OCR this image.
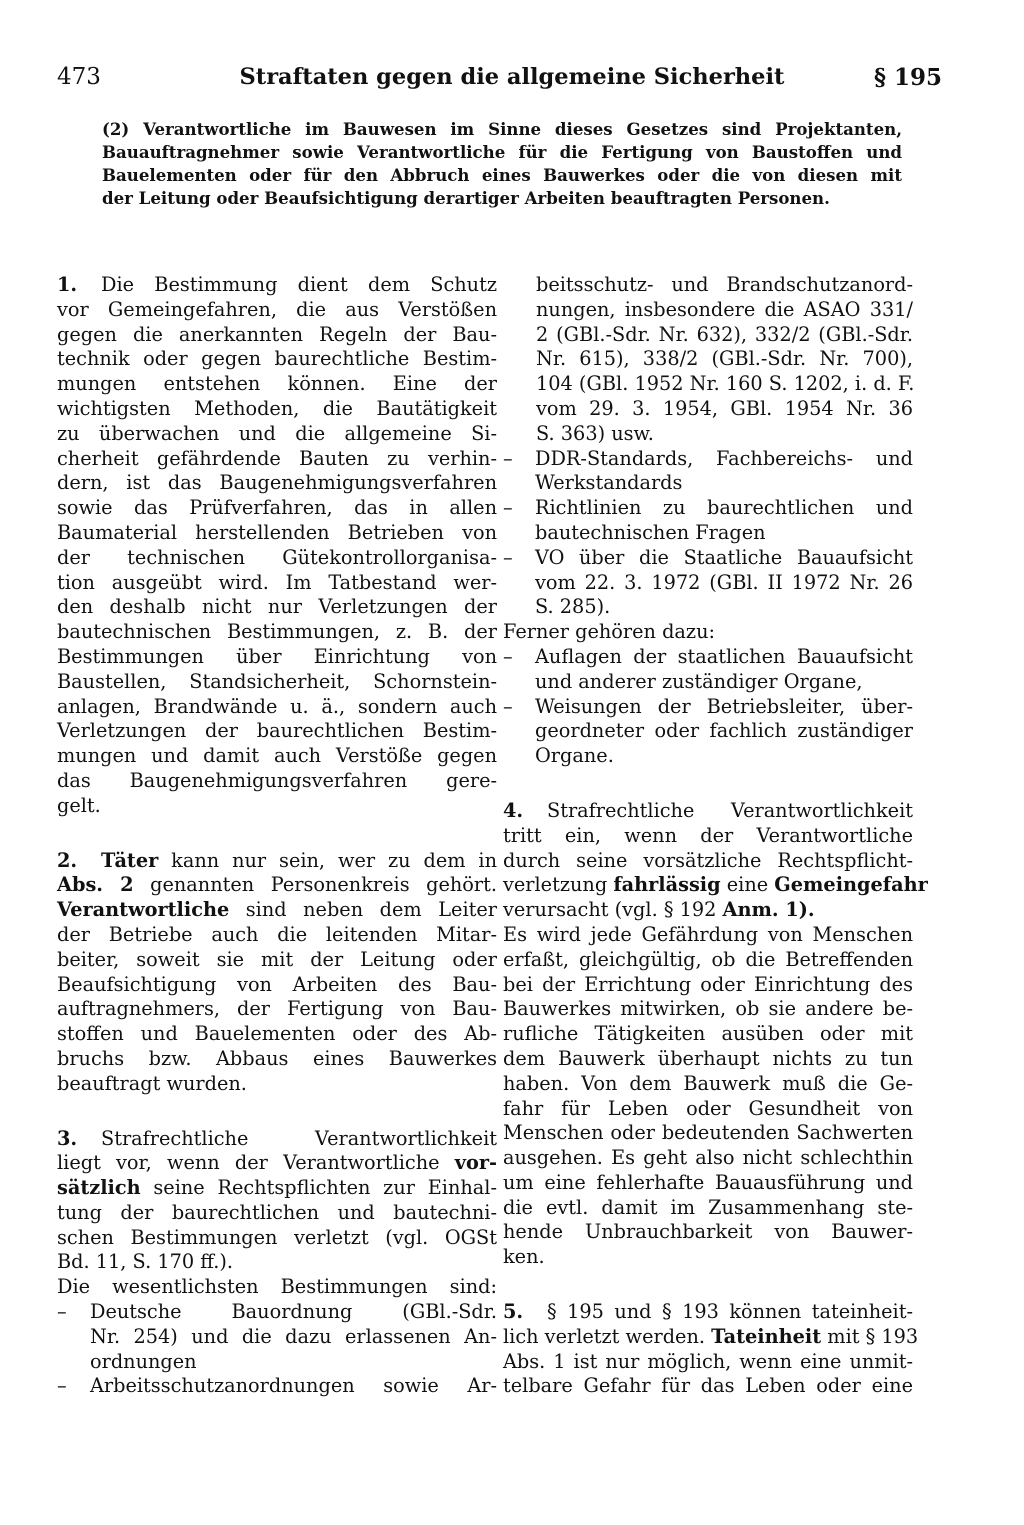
473	Straftaten gegen die allgemeine Sicherheit	§ 195
(2) Verantwortliche im Bauwesen im Sinne dieses Gesetzes sind Projektanten,
Bauauftragnehmer sowie Verantwortliche für die Fertigung von Baustoffen und
Bauelementen oder für den Abbruch eines Bauwerkes oder die von diesen mit
der Leitung oder Beaufsichtigung derartiger Arbeiten beauftragten Personen.
1. Die Bestimmung dient dem Schutz
vor Gemeingefahren, die aus Verstößen
gegen die anerkannten Regeln der Bau-
technik oder gegen baurechtliche Bestim-
mungen entstehen können. Eine der
wichtigsten Methoden, die Bautätigkeit
zu überwachen und die allgemeine Si-
cherheit gefährdende Bauten zu verhin-
dern, ist das Baugenehmigungsverfahren
sowie das Prüfverfahren, das in allen
Baumaterial herstellenden Betrieben von
der technischen Gütekontrollorganisa-
tion ausgeübt wird. Im Tatbestand wer-
den deshalb nicht nur Verletzungen der
bautechnischen Bestimmungen, z. B. der
Bestimmungen über Einrichtung von
Baustellen, Standsicherheit, Schornstein-
anlagen, Brandwände u. ä., sondern auch
Verletzungen der baurechtlichen Bestim-
mungen und damit auch Verstöße gegen
das Baugenehmigungsverfahren gere-
gelt.
2. Täter kann nur sein, wer zu dem in
Abs. 2 genannten Personenkreis gehört.
Verantwortliche sind neben dem Leiter
der Betriebe auch die leitenden Mitar-
beiter, soweit sie mit der Leitung oder
Beaufsichtigung von Arbeiten des Bau-
auftragnehmers, der Fertigung von Bau-
stoffen und Bauelementen oder des Ab-
bruchs bzw. Abbaus eines Bauwerkes
beauftragt wurden.
3. Strafrechtliche Verantwortlichkeit
liegt vor, wenn der Verantwortliche vor-
sätzlich seine Rechtspflichten zur Einhal-
tung der baurechtlichen und bautechni-
schen Bestimmungen verletzt (vgl. OGSt
Bd. 11, S. 170 ff.).
Die wesentlichsten Bestimmungen sind:
–	Deutsche Bauordnung (GBl.-Sdr.
Nr. 254) und die dazu erlassenen An-
ordnungen
–	Arbeitsschutzanordnungen sowie Ar-
beitsschutz- und Brandschutzanord-
nungen, insbesondere die ASAO 331/
2 (GBl.-Sdr. Nr. 632), 332/2 (GBl.-Sdr.
Nr. 615), 338/2 (GBl.-Sdr. Nr. 700),
104 (GBl. 1952 Nr. 160 S. 1202, i. d. F.
vom 29. 3. 1954, GBl. 1954 Nr. 36
S. 363) usw.
–	DDR-Standards, Fachbereichs- und
Werkstandards
–	Richtlinien zu baurechtlichen und
bautechnischen Fragen
–	VO über die Staatliche Bauaufsicht
vom 22. 3. 1972 (GBl. II 1972 Nr. 26
S. 285).
Ferner gehören dazu:
–	Auflagen der staatlichen Bauaufsicht
und anderer zuständiger Organe,
–	Weisungen der Betriebsleiter, über-
geordneter oder fachlich zuständiger
Organe.
4. Strafrechtliche Verantwortlichkeit
tritt ein, wenn der Verantwortliche
durch seine vorsätzliche Rechtspflicht-
verletzung fahrlässig eine Gemeingefahr
verursacht (vgl. § 192 Anm. 1).
Es wird jede Gefährdung von Menschen
erfaßt, gleichgültig, ob die Betreffenden
bei der Errichtung oder Einrichtung des
Bauwerkes mitwirken, ob sie andere be-
rufliche Tätigkeiten ausüben oder mit
dem Bauwerk überhaupt nichts zu tun
haben. Von dem Bauwerk muß die Ge-
fahr für Leben oder Gesundheit von
Menschen oder bedeutenden Sachwerten
ausgehen. Es geht also nicht schlechthin
um eine fehlerhafte Bauausführung und
die evtl. damit im Zusammenhang ste-
hende Unbrauchbarkeit von Bauwer-
ken.
5. § 195 und § 193 können tateinheit-
lich verletzt werden. Tateinheit mit § 193
Abs. 1 ist nur möglich, wenn eine unmit-
telbare Gefahr für das Leben oder eine
